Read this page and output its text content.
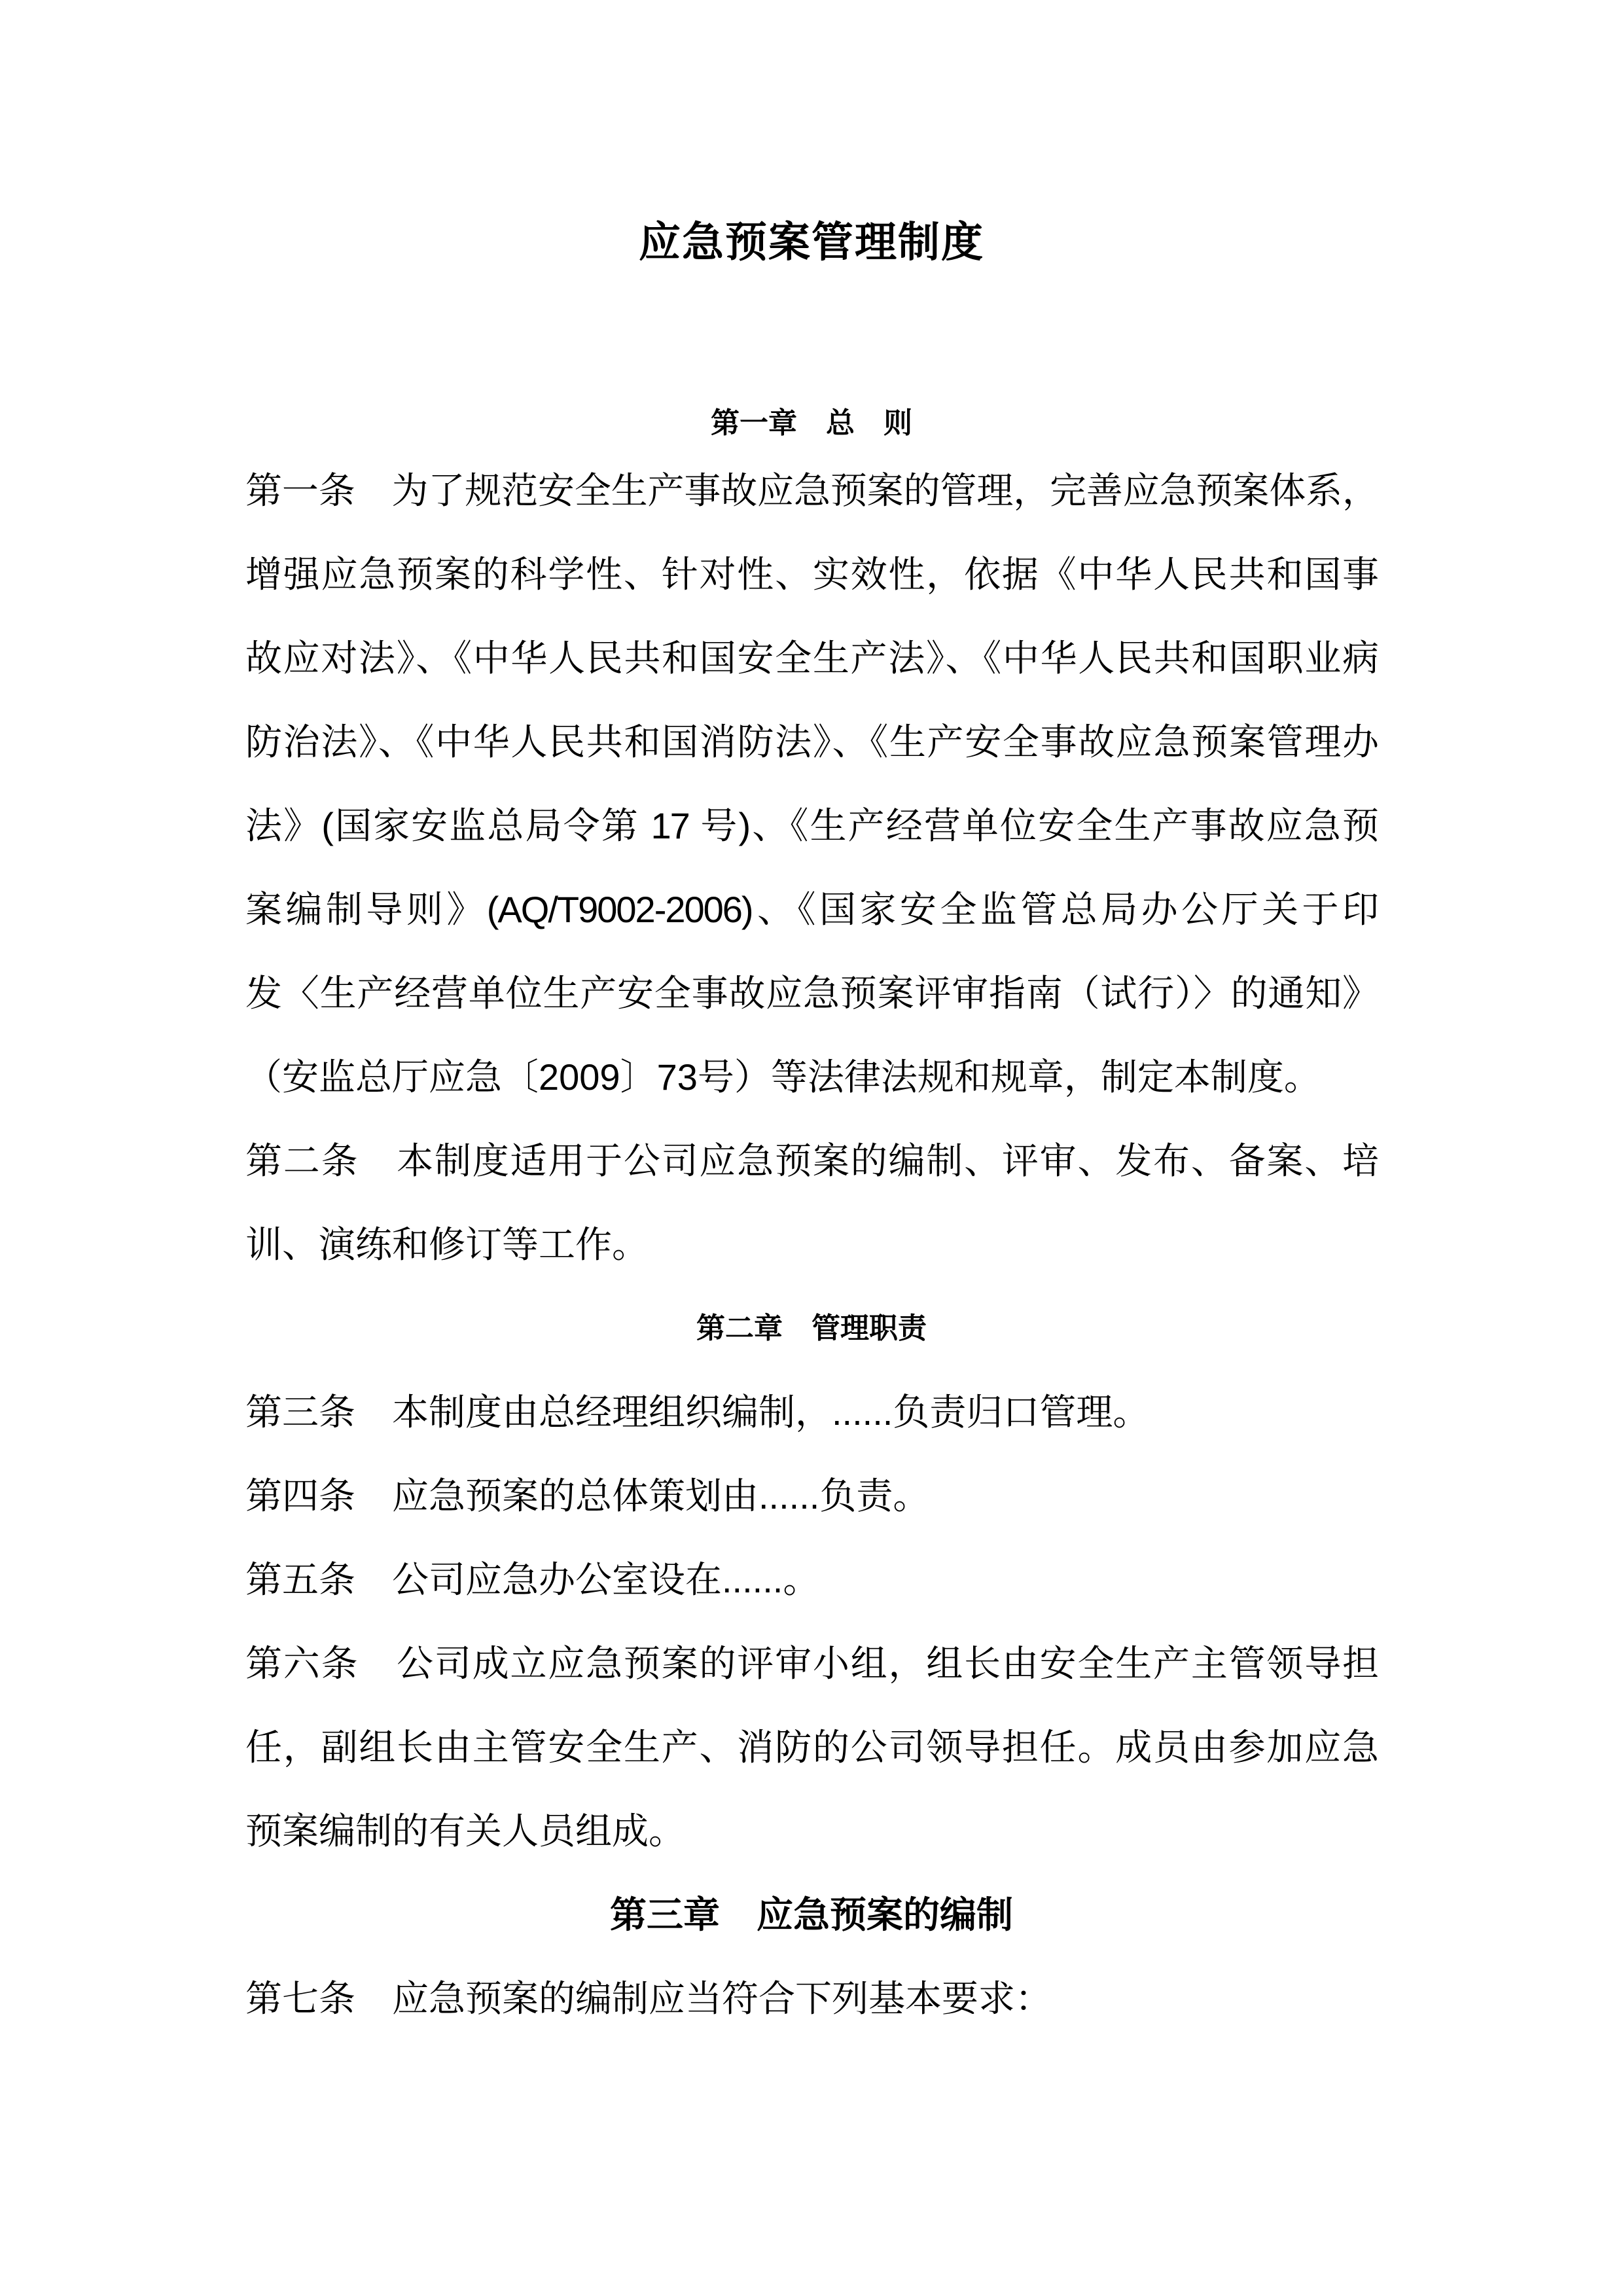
应急预案管理制度
第一章　总　则
第一条　为了规范安全生产事故应急预案的管理，完善应急预案体系，
增强应急预案的科学性、针对性、实效性，依据《中华人民共和国事
故应对法》、《中华人民共和国安全生产法》、《中华人民共和国职业病
防治法》、《中华人民共和国消防法》、《生产安全事故应急预案管理办
法》(国家安监总局令第 17 号)、《生产经营单位安全生产事故应急预
案编制导则》(AQ/T9002-2006)、《国家安全监管总局办公厅关于印
发〈生产经营单位生产安全事故应急预案评审指南（试行）〉的通知》
（安监总厅应急〔2009〕73号）等法律法规和规章，制定本制度。
第二条　本制度适用于公司应急预案的编制、评审、发布、备案、培
训、演练和修订等工作。
第二章　管理职责
第三条　本制度由总经理组织编制，......负责归口管理。
第四条　应急预案的总体策划由......负责。
第五条　公司应急办公室设在......。
第六条　公司成立应急预案的评审小组，组长由安全生产主管领导担
任，副组长由主管安全生产、消防的公司领导担任。成员由参加应急
预案编制的有关人员组成。
第三章　应急预案的编制
第七条　应急预案的编制应当符合下列基本要求：
